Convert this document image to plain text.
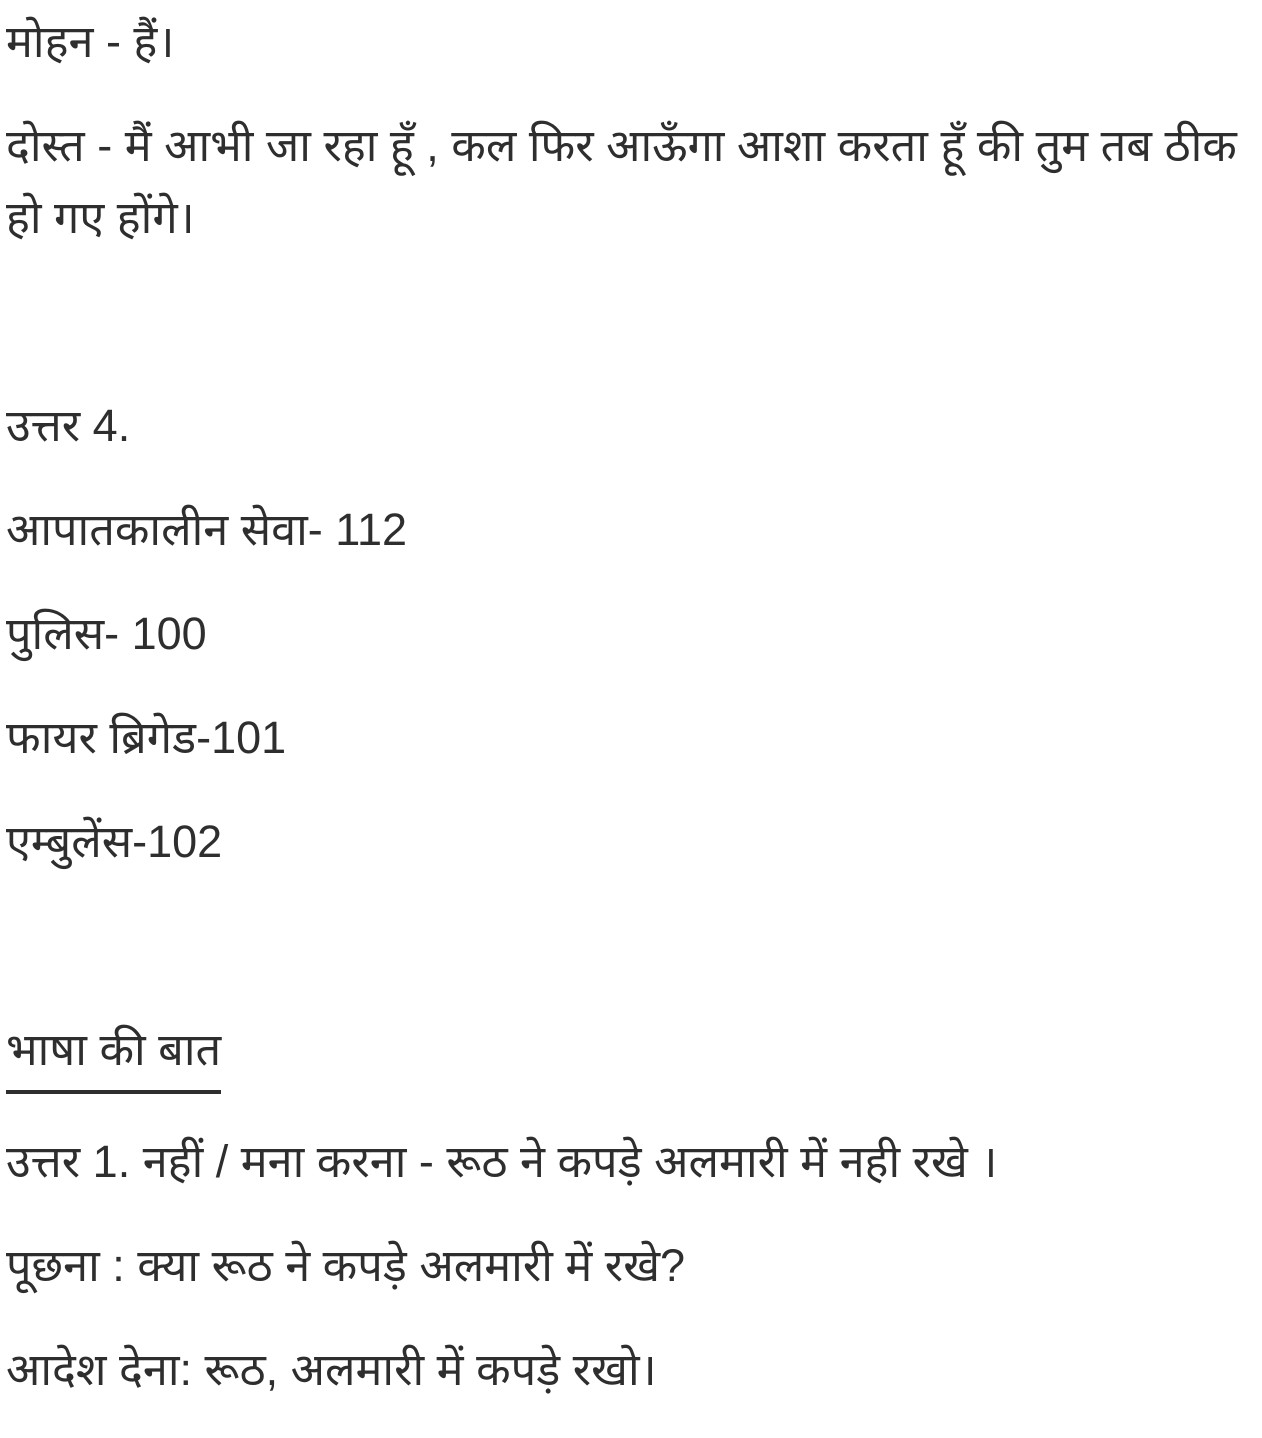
मोहन - हैं।

दोस्त - मैं आभी जा रहा हूँ , कल फिर आऊँगा आशा करता हूँ की तुम तब ठीक हो गए होंगे।

उत्तर 4.

आपातकालीन सेवा- 112

पुलिस- 100

फायर ब्रिगेड-101

एम्बुलेंस-102

भाषा की बात

उत्तर 1. नहीं / मना करना - रूठ ने कपड़े अलमारी में नही रखे ।

पूछना : क्या रूठ ने कपड़े अलमारी में रखे?

आदेश देना: रूठ, अलमारी में कपड़े रखो।
